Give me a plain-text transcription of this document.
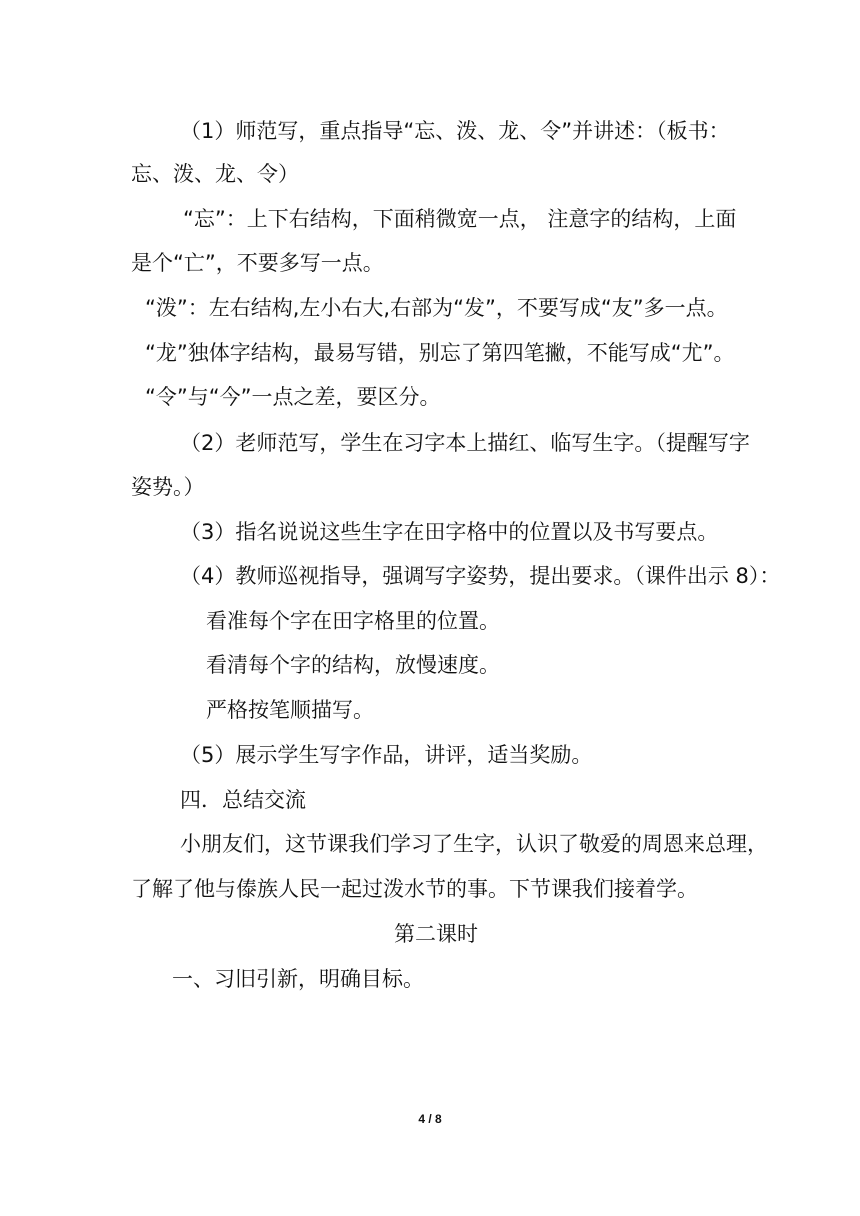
（1）师范写，重点指导“忘、泼、龙、令”并讲述：（板书：
忘、泼、龙、令）
“忘”：上下右结构，下面稍微宽一点， 注意字的结构，上面
是个“亡”，不要多写一点。
“泼”：左右结构,左小右大,右部为“发”，不要写成“友”多一点。
“龙”独体字结构，最易写错，别忘了第四笔撇，不能写成“尤”。
“令”与“今”一点之差，要区分。
（2）老师范写，学生在习字本上描红、临写生字。（提醒写字
姿势。）
（3）指名说说这些生字在田字格中的位置以及书写要点。
（4）教师巡视指导，强调写字姿势，提出要求。（课件出示 8）：
看准每个字在田字格里的位置。
看清每个字的结构，放慢速度。
严格按笔顺描写。
（5）展示学生写字作品，讲评，适当奖励。
四．总结交流
小朋友们，这节课我们学习了生字，认识了敬爱的周恩来总理，
了解了他与傣族人民一起过泼水节的事。下节课我们接着学。
第二课时
一、习旧引新，明确目标。
4 / 8
